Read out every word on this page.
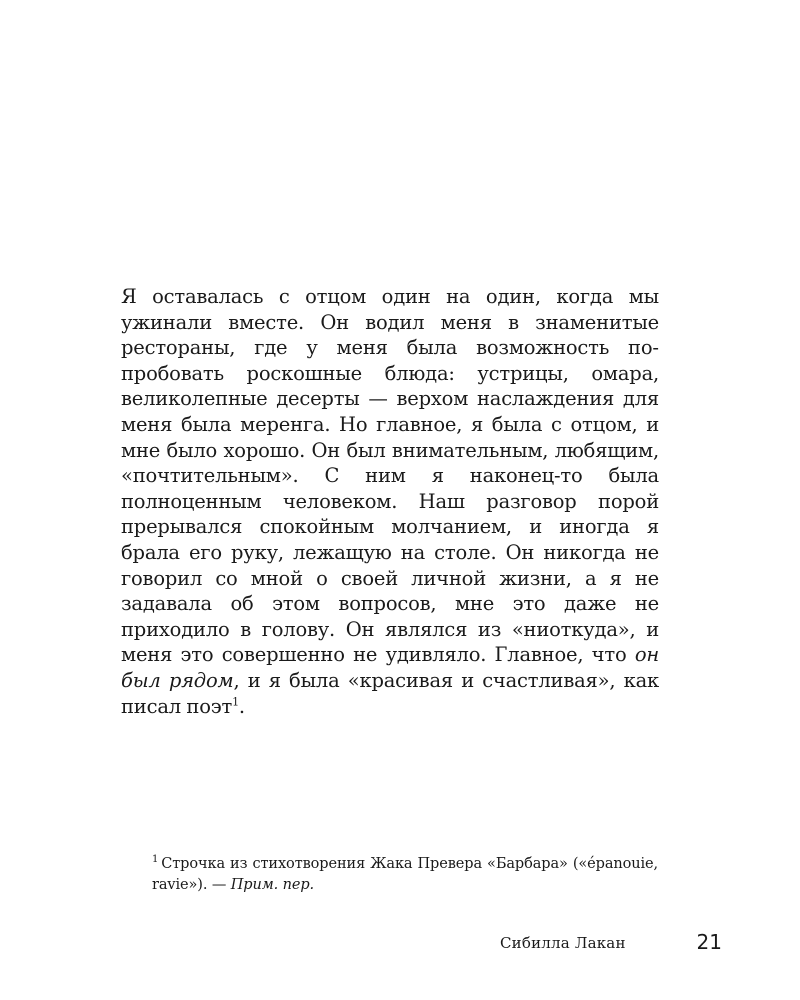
Я оставалась с отцом один на один, когда мы ужинали вместе. Он водил меня в знаменитые рестораны, где у меня была возможность попробовать роскошные блюда: устрицы, омара, великолепные десерты — верхом наслаждения для меня была меренга. Но главное, я была с отцом, и мне было хорошо. Он был внимательным, любящим, «почтительным». С ним я наконец-то была полноценным человеком. Наш разговор порой прерывался спокойным молчанием, и иногда я брала его руку, лежащую на столе. Он никогда не говорил со мной о своей личной жизни, а я не задавала об этом вопросов, мне это даже не приходило в голову. Он являлся из «ниоткуда», и меня это совершенно не удивляло. Главное, что он был рядом, и я была «красивая и счастливая», как писал поэт$^1$.

$^1$ Строчка из стихотворения Жака Превера «Барбара» («épanouie, ravie»). — Прим. пер.

Сибилла Лакан	21
